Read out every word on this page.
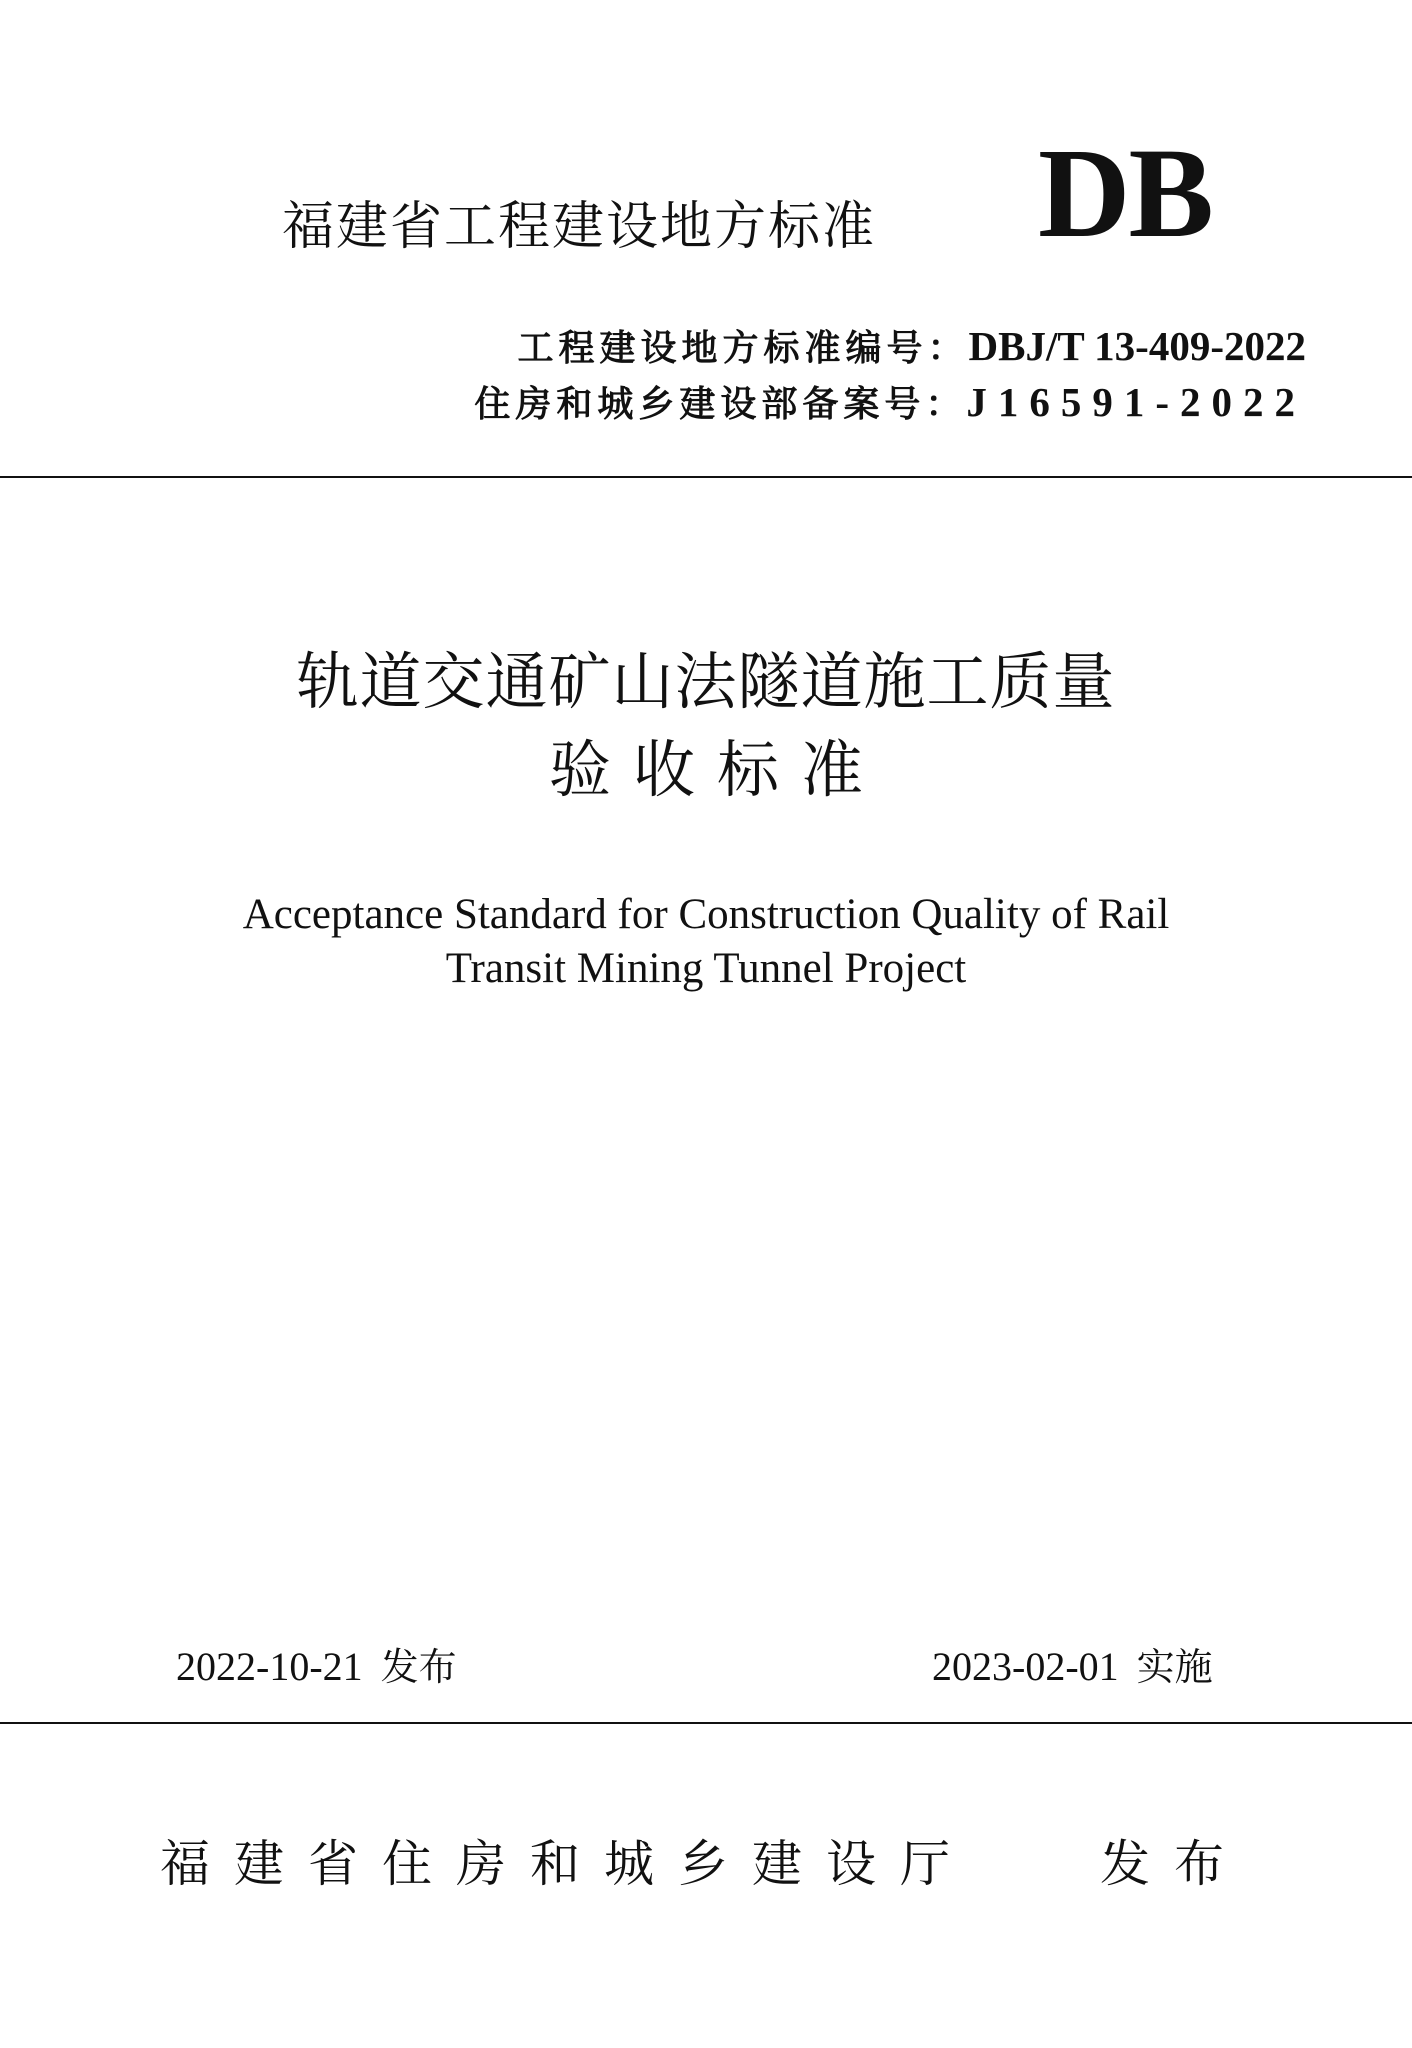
福建省工程建设地方标准 DB
工程建设地方标准编号：DBJ/T 13-409-2022
住房和城乡建设部备案号：J16591-2022
轨道交通矿山法隧道施工质量
验收标准
Acceptance Standard for Construction Quality of Rail
Transit Mining Tunnel Project
2022-10-21 发布	2023-02-01 实施
福建省住房和城乡建设厅	发布
